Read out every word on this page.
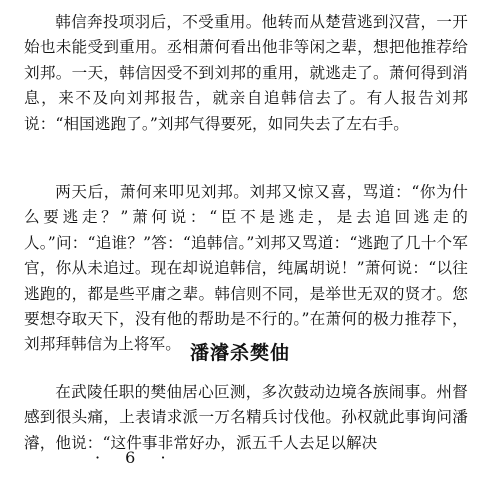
韩信奔投项羽后，不受重用。他转而从楚营逃到汉营，一开始也未能受到重用。丞相萧何看出他非等闲之辈，想把他推荐给刘邦。一天，韩信因受不到刘邦的重用，就逃走了。萧何得到消息，来不及向刘邦报告，就亲自追韩信去了。有人报告刘邦说：“相国逃跑了。”刘邦气得要死，如同失去了左右手。

两天后，萧何来叩见刘邦。刘邦又惊又喜，骂道：“你为什么要逃走？”萧何说：“臣不是逃走，是去追回逃走的人。”问：“追谁？”答：“追韩信。”刘邦又骂道：“逃跑了几十个军官，你从未追过。现在却说追韩信，纯属胡说！”萧何说：“以往逃跑的，都是些平庸之辈。韩信则不同，是举世无双的贤才。您要想夺取天下，没有他的帮助是不行的。”在萧何的极力推荐下，刘邦拜韩信为上将军。 潘濬杀樊伷

在武陵任职的樊伷居心叵测，多次鼓动边境各族闹事。州督感到很头痛，上表请求派一万名精兵讨伐他。孙权就此事询问潘濬，他说：“这件事非常好办，派五千人去足以解决

· 6 ·
